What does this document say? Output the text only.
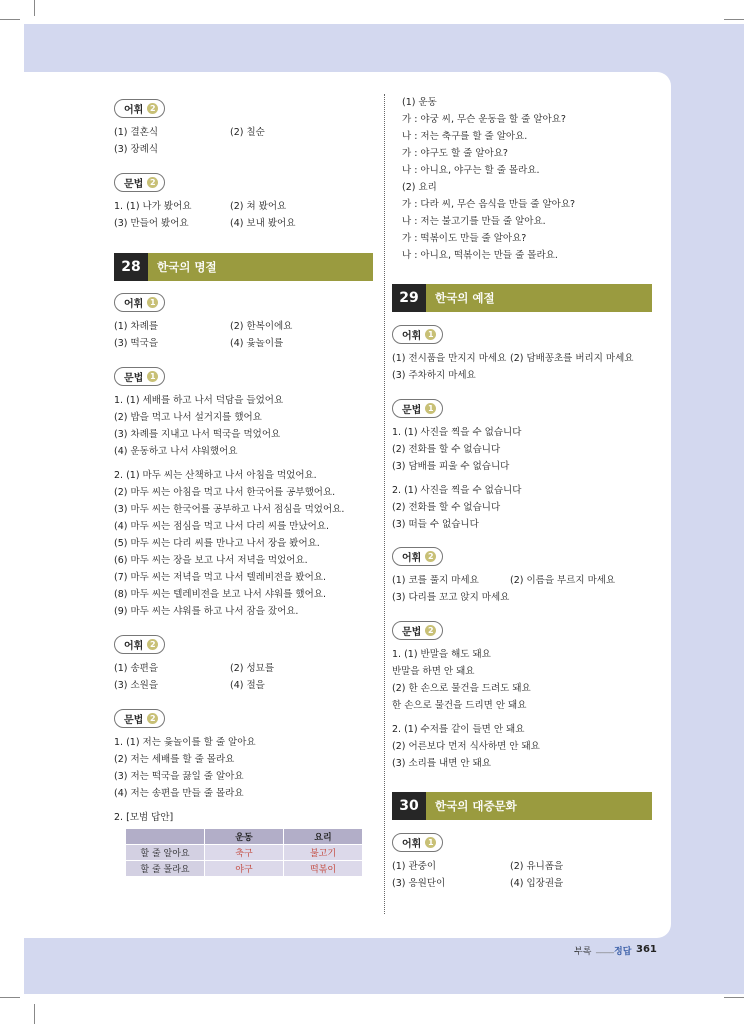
어휘 2
(1) 결혼식	(2) 칠순
(3) 장례식
문법 2
1. (1) 나가 봤어요	(2) 쳐 봤어요
(3) 만들어 봤어요	(4) 보내 봤어요
28	한국의 명절
어휘 1
(1) 차례를	(2) 한복이에요
(3) 떡국을	(4) 윷놀이를
문법 1
1. (1) 세배를 하고 나서 덕담을 들었어요
(2) 밥을 먹고 나서 설거지를 했어요
(3) 차례를 지내고 나서 떡국을 먹었어요
(4) 운동하고 나서 샤워했어요
2. (1) 마두 씨는 산책하고 나서 아침을 먹었어요.
(2) 마두 씨는 아침을 먹고 나서 한국어를 공부했어요.
(3) 마두 씨는 한국어를 공부하고 나서 점심을 먹었어요.
(4) 마두 씨는 점심을 먹고 나서 다리 씨를 만났어요.
(5) 마두 씨는 다리 씨를 만나고 나서 장을 봤어요.
(6) 마두 씨는 장을 보고 나서 저녁을 먹었어요.
(7) 마두 씨는 저녁을 먹고 나서 텔레비전을 봤어요.
(8) 마두 씨는 텔레비전을 보고 나서 샤워를 했어요.
(9) 마두 씨는 샤워를 하고 나서 잠을 잤어요.
어휘 2
(1) 송편을	(2) 성묘를
(3) 소원을	(4) 절을
문법 2
1. (1) 저는 윷놀이를 할 줄 알아요
(2) 저는 세배를 할 줄 몰라요
(3) 저는 떡국을 끓일 줄 알아요
(4) 저는 송편을 만들 줄 몰라요
2. [모범 답안]
	운동	요리
할 줄 알아요	축구	불고기
할 줄 몰라요	야구	떡볶이
(1) 운동
가 : 야궁 씨, 무슨 운동을 할 줄 알아요?
나 : 저는 축구를 할 줄 알아요.
가 : 야구도 할 줄 알아요?
나 : 아니요, 야구는 할 줄 몰라요.
(2) 요리
가 : 다라 씨, 무슨 음식을 만들 줄 알아요?
나 : 저는 불고기를 만들 줄 알아요.
가 : 떡볶이도 만들 줄 알아요?
나 : 아니요, 떡볶이는 만들 줄 몰라요.
29	한국의 예절
어휘 1
(1) 전시품을 만지지 마세요 (2) 담배꽁초를 버리지 마세요
(3) 주차하지 마세요
문법 1
1. (1) 사진을 찍을 수 없습니다
(2) 전화를 할 수 없습니다
(3) 담배를 피울 수 없습니다
2. (1) 사진을 찍을 수 없습니다
(2) 전화를 할 수 없습니다
(3) 떠들 수 없습니다
어휘 2
(1) 코를 풀지 마세요	(2) 이름을 부르지 마세요
(3) 다리를 꼬고 앉지 마세요
문법 2
1. (1) 반말을 해도 돼요
반말을 하면 안 돼요
(2) 한 손으로 물건을 드려도 돼요
한 손으로 물건을 드리면 안 돼요
2. (1) 수저를 같이 들면 안 돼요
(2) 어른보다 먼저 식사하면 안 돼요
(3) 소리를 내면 안 돼요
30	한국의 대중문화
어휘 1
(1) 관중이	(2) 유니폼을
(3) 응원단이	(4) 입장권을
부록 ____ 정답 361
